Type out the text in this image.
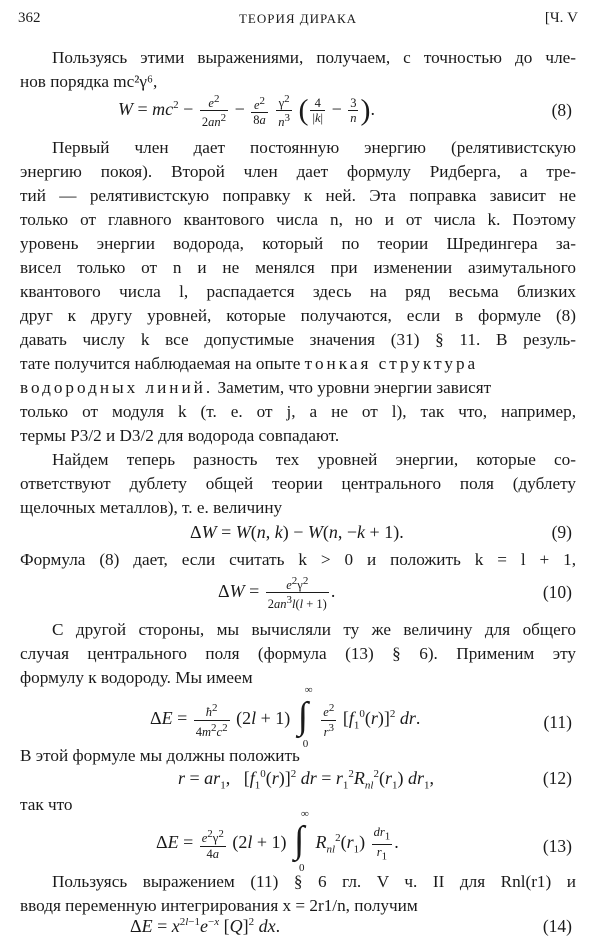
362	ТЕОРИЯ ДИРАКА	[Ч. V
Пользуясь этими выражениями, получаем, с точностью до чле-
нов порядка mc²γ⁶,
$W = mc^2 - \frac{e^2}{2an^2} - \frac{e^2}{8a}$
$\frac{\gamma^2}{n^3}$ ( $\frac{4}{|k|} - \frac{3}{n}$ ).	(8)
Первый член дает постоянную энергию (релятивистскую
энергию покоя). Второй член дает формулу Ридберга, а тре-
тий — релятивистскую поправку к ней. Эта поправка зависит не
только от главного квантового числа n, но и от числа k. Поэтому
уровень энергии водорода, который по теории Шредингера за-
висел только от n и не менялся при изменении азимутального
квантового числа l, распадается здесь на ряд весьма близких
друг к другу уровней, которые получаются, если в формуле (8)
давать числу k все допустимые значения (31) § 11. В резуль-
тате получится наблюдаемая на опыте тонкая структура
водородных линий. Заметим, что уровни энергии зависят
только от модуля k (т. е. от j, а не от l), так что, например,
термы P3/2 и D3/2 для водорода совпадают.
Найдем теперь разность тех уровней энергии, которые со-
ответствуют дублету общей теории центрального поля (дублету
щелочных металлов), т. е. величину
ΔW = W(n, k) − W(n, −k + 1).	(9)
Формула (8) дает, если считать k > 0 и положить k = l + 1,
$\Delta W = \frac{e^2\gamma^2}{2an^3l(l + 1)}$ .	(10)
С другой стороны, мы вычисляли ту же величину для общего
случая центрального поля (формула (13) § 6). Применим эту
формулу к водороду. Мы имеем
$\Delta E = \frac{ħ^2}{4m^2c^2} (2l + 1)$ ∫
∞
0

$\frac{e^2}{r^3} [f_1^0(r)]^2$ dr.	(11)
В этой формуле мы должны положить
$r = ar_1$,   $[f_1^0(r)]^2$ dr = $r_1^2R_{nl}^2(r_1)$ $dr_1$,	(12)
так что
$\Delta E = \frac{e^2\gamma^2}{4a} (2l + 1)$ ∫
∞
0
$R_{nl}^2(r_1) \frac{dr_1}{r_1}$ .	(13)
Пользуясь выражением (11) § 6 гл. V ч. II для Rnl(r1) и
вводя переменную интегрирования x = 2r1/n, получим
$\Delta E = x^{2l-1}e^{-x}$ $[Q]^2$ dx.	(14)
